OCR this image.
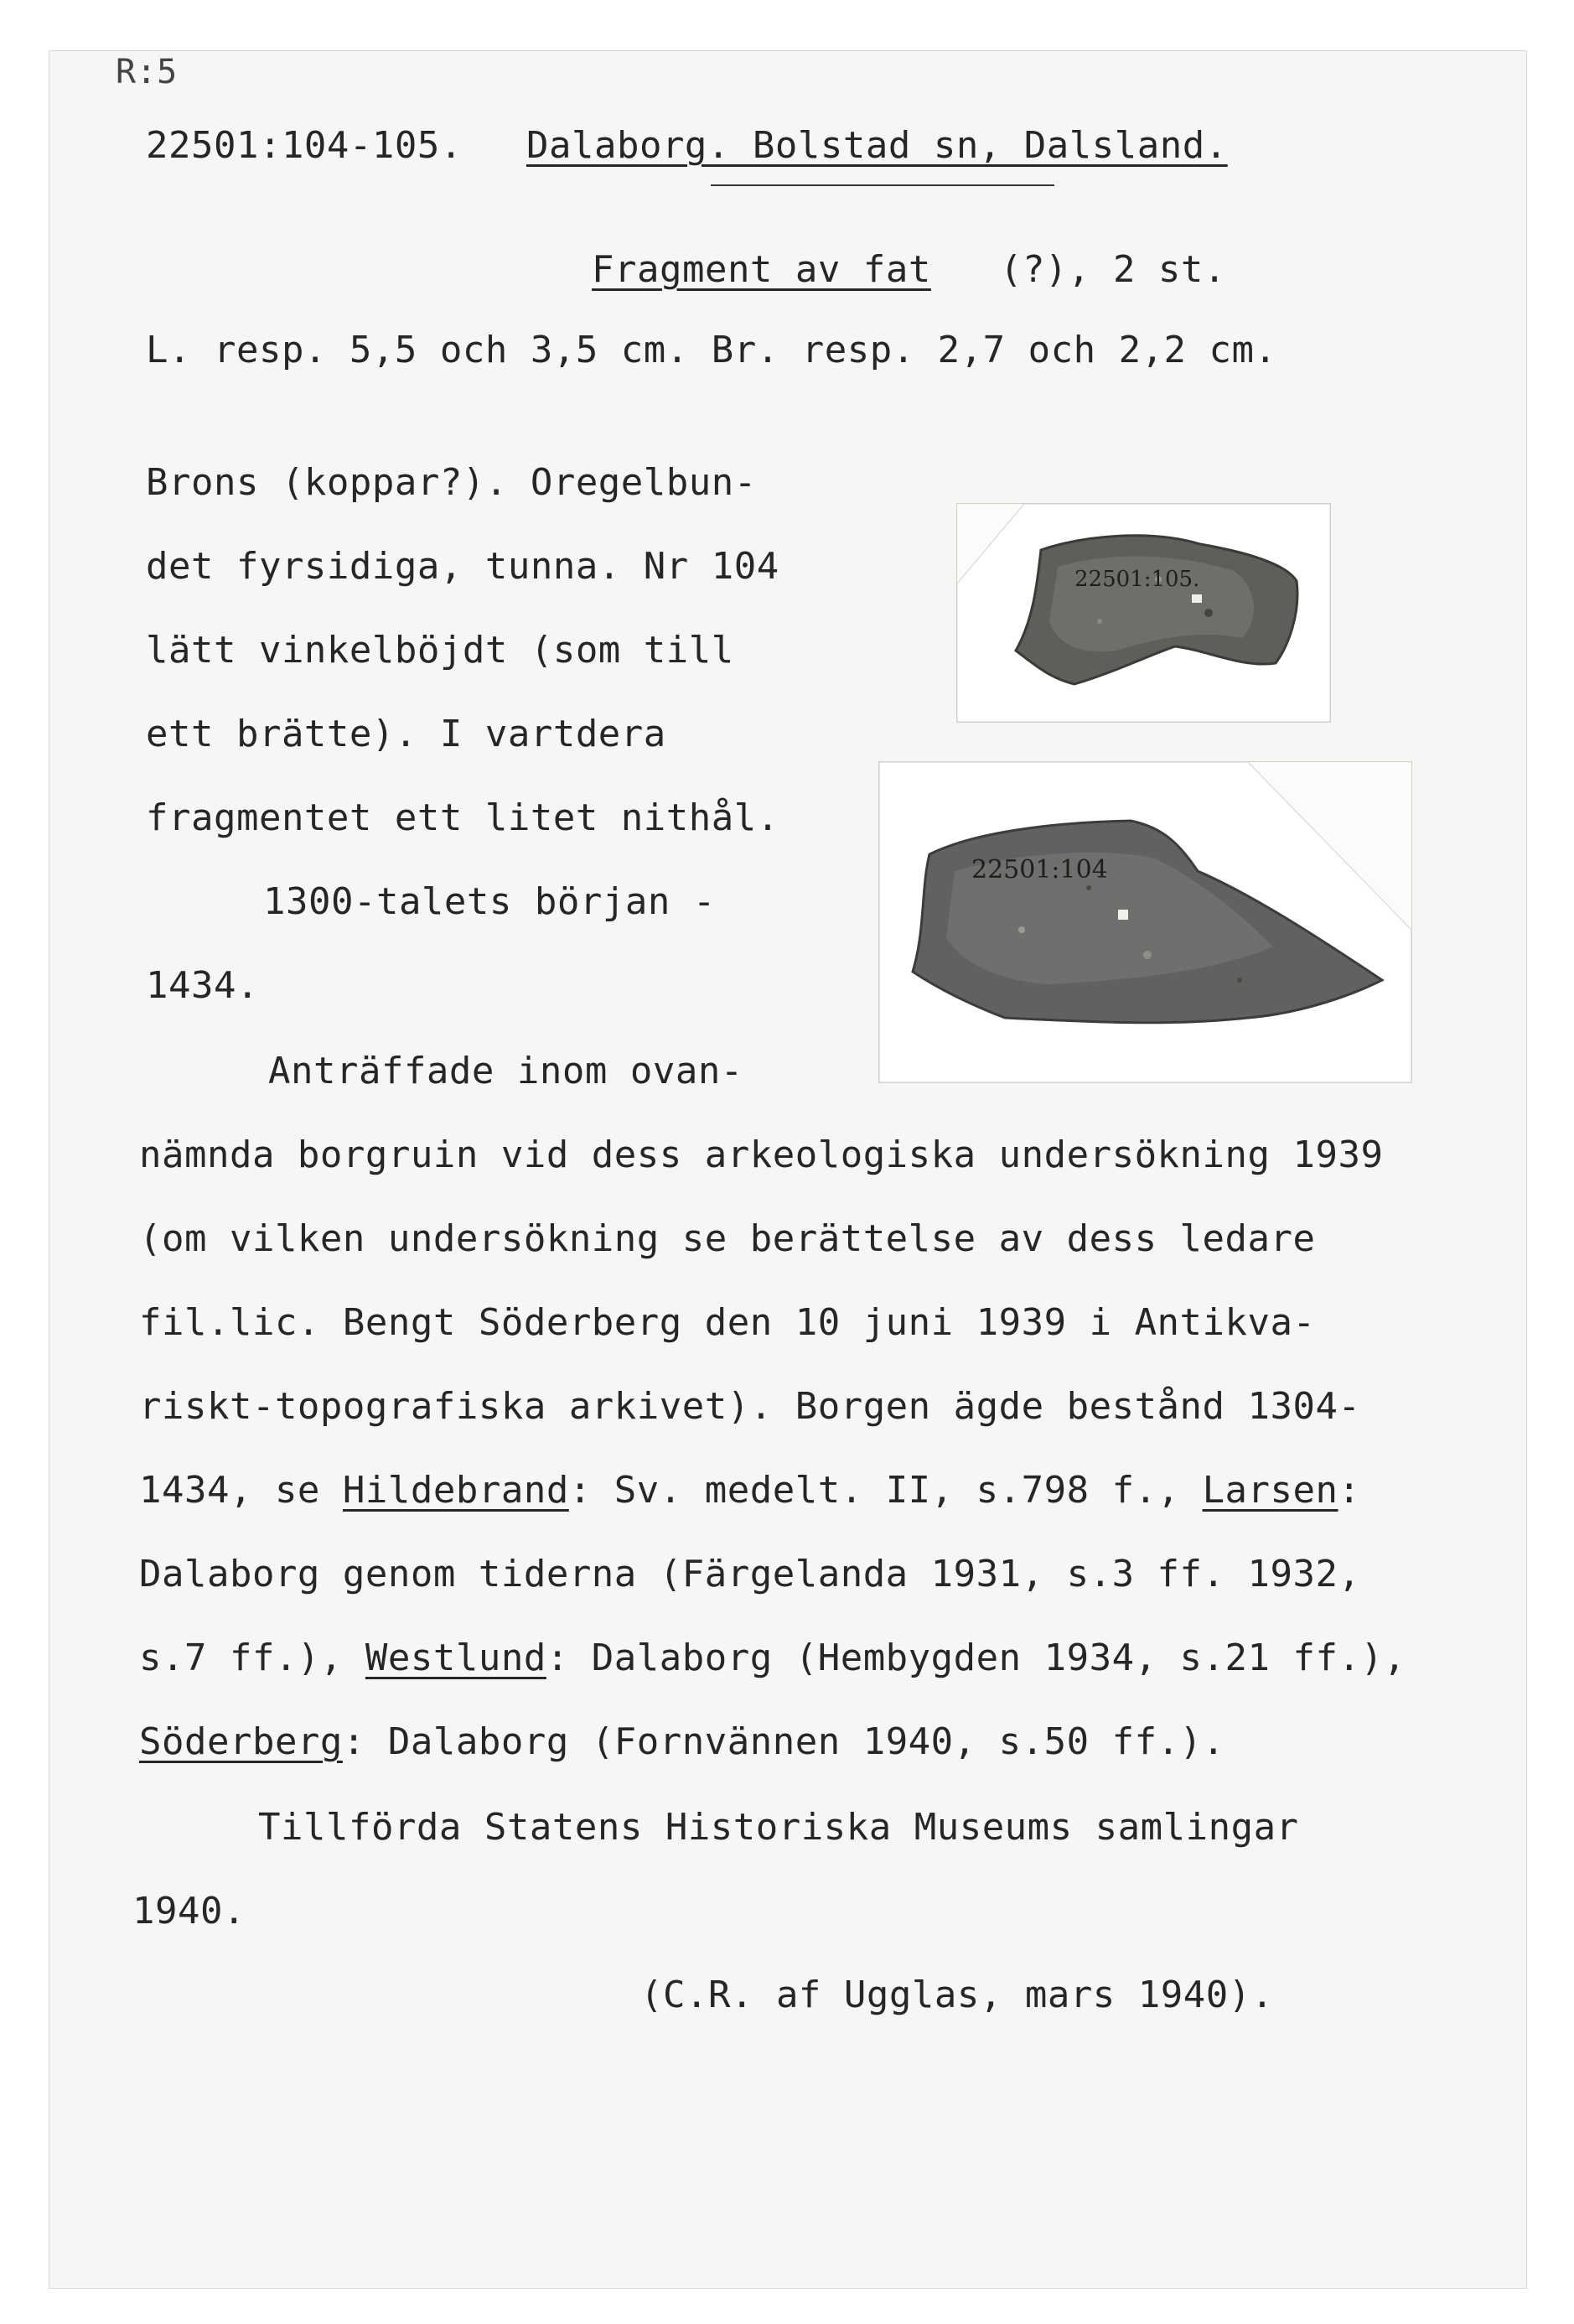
R:5
22501:104-105. Dalaborg. Bolstad sn, Dalsland.
Fragment av fat (?), 2 st.
L. resp. 5,5 och 3,5 cm. Br. resp. 2,7 och 2,2 cm.
Brons (koppar?). Oregelbun-
det fyrsidiga, tunna. Nr 104
lätt vinkelböjdt (som till
ett brätte). I vartdera
fragmentet ett litet nithål.
1300-talets början -
1434.
22501:105.
22501:104
Anträffade inom ovan-
nämnda borgruin vid dess arkeologiska undersökning 1939
(om vilken undersökning se berättelse av dess ledare
fil.lic. Bengt Söderberg den 10 juni 1939 i Antikva-
riskt-topografiska arkivet). Borgen ägde bestånd 1304-
1434, se Hildebrand: Sv. medelt. II, s.798 f., Larsen:
Dalaborg genom tiderna (Färgelanda 1931, s.3 ff. 1932,
s.7 ff.), Westlund: Dalaborg (Hembygden 1934, s.21 ff.),
Söderberg: Dalaborg (Fornvännen 1940, s.50 ff.).
Tillförda Statens Historiska Museums samlingar
1940.
(C.R. af Ugglas, mars 1940).
